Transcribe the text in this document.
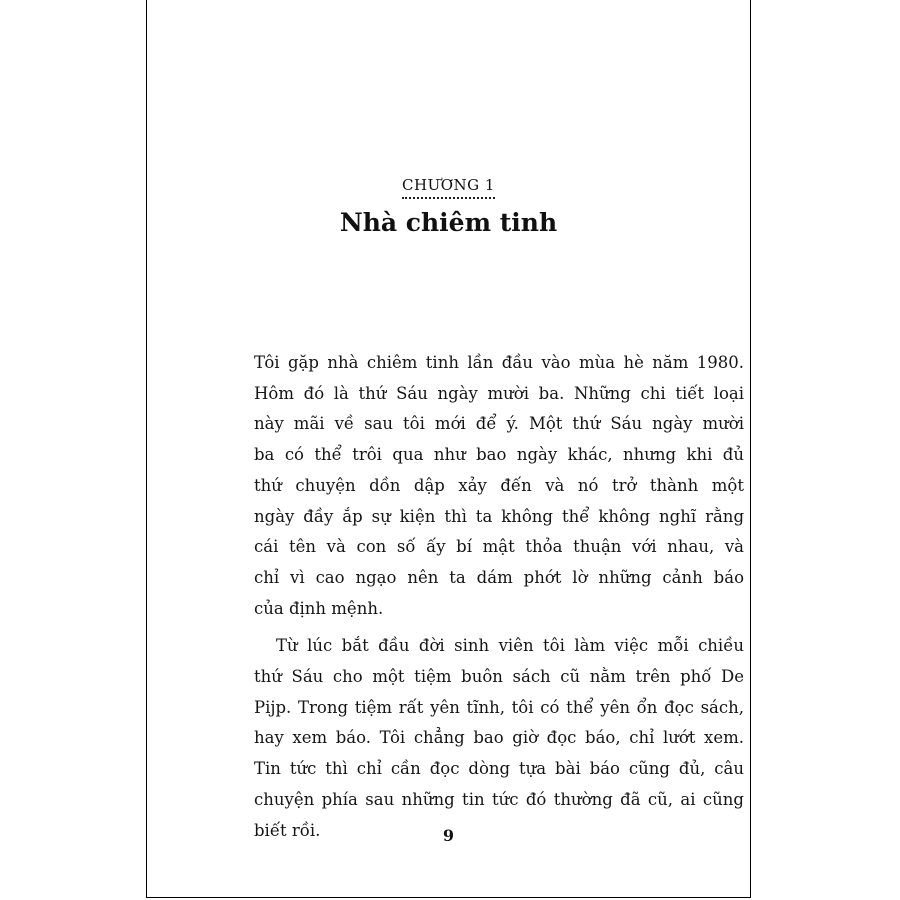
CHƯƠNG 1
Nhà chiêm tinh

Tôi gặp nhà chiêm tinh lần đầu vào mùa hè năm 1980.
Hôm đó là thứ Sáu ngày mười ba. Những chi tiết loại
này mãi về sau tôi mới để ý. Một thứ Sáu ngày mười
ba có thể trôi qua như bao ngày khác, nhưng khi đủ
thứ chuyện dồn dập xảy đến và nó trở thành một
ngày đầy ắp sự kiện thì ta không thể không nghĩ rằng
cái tên và con số ấy bí mật thỏa thuận với nhau, và
chỉ vì cao ngạo nên ta dám phớt lờ những cảnh báo
của định mệnh.

Từ lúc bắt đầu đời sinh viên tôi làm việc mỗi chiều
thứ Sáu cho một tiệm buôn sách cũ nằm trên phố De
Pijp. Trong tiệm rất yên tĩnh, tôi có thể yên ổn đọc sách,
hay xem báo. Tôi chẳng bao giờ đọc báo, chỉ lướt xem.
Tin tức thì chỉ cần đọc dòng tựa bài báo cũng đủ, câu
chuyện phía sau những tin tức đó thường đã cũ, ai cũng
biết rồi.	9
